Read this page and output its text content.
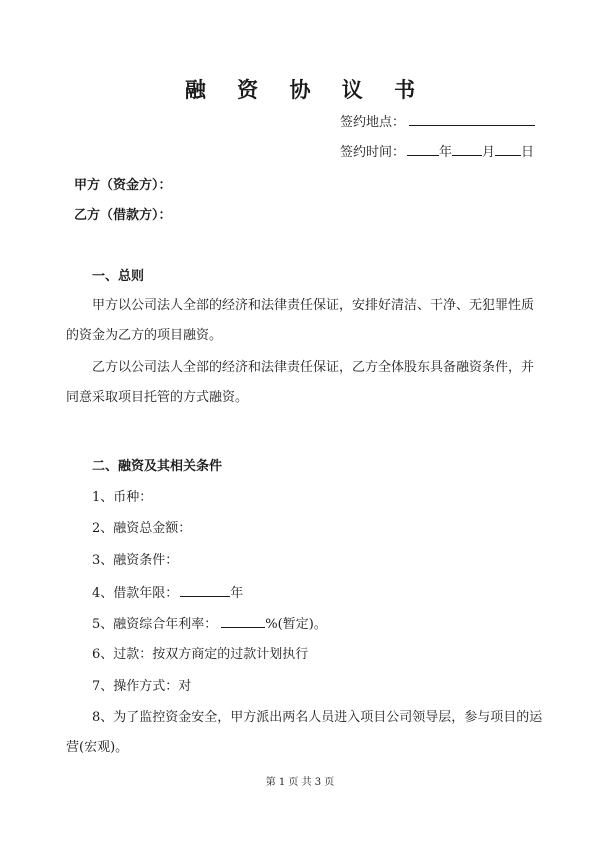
融 资 协 议 书
签约地点：
签约时间：	年 月 日
甲方（资金方）：
乙方（借款方）：
一、总则
甲方以公司法人全部的经济和法律责任保证，安排好清洁、干净、无犯罪性质的资金为乙方的项目融资。
乙方以公司法人全部的经济和法律责任保证，乙方全体股东具备融资条件，并同意采取项目托管的方式融资。
二、融资及其相关条件
1、币种：
2、融资总金额：
3、融资条件：
4、借款年限：	年
5、融资综合年利率：	%(暂定)。
6、过款：按双方商定的过款计划执行
7、操作方式：对
8、为了监控资金安全，甲方派出两名人员进入项目公司领导层，参与项目的运营(宏观)。
第 1 页 共 3 页
